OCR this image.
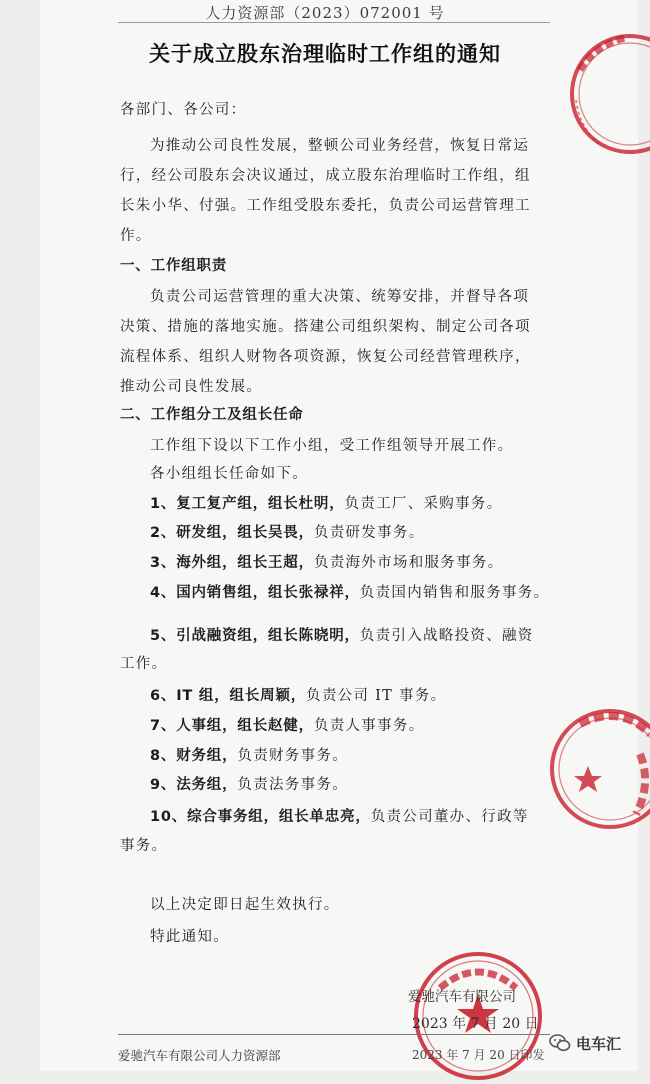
人力资源部（2023）072001 号
关于成立股东治理临时工作组的通知
各部门、各公司：
为推动公司良性发展，整顿公司业务经营，恢复日常运
行，经公司股东会决议通过，成立股东治理临时工作组，组
长朱小华、付强。工作组受股东委托，负责公司运营管理工
作。
一、工作组职责
负责公司运营管理的重大决策、统筹安排，并督导各项
决策、措施的落地实施。搭建公司组织架构、制定公司各项
流程体系、组织人财物各项资源，恢复公司经营管理秩序，
推动公司良性发展。
二、工作组分工及组长任命
工作组下设以下工作小组，受工作组领导开展工作。
各小组组长任命如下。
1、复工复产组，组长杜明，负责工厂、采购事务。
2、研发组，组长吴畏，负责研发事务。
3、海外组，组长王超，负责海外市场和服务事务。
4、国内销售组，组长张禄祥，负责国内销售和服务事务。
5、引战融资组，组长陈晓明，负责引入战略投资、融资
工作。
6、IT 组，组长周颖，负责公司 IT 事务。
7、人事组，组长赵健，负责人事事务。
8、财务组，负责财务事务。
9、法务组，负责法务事务。
10、综合事务组，组长单忠亮，负责公司董办、行政等
事务。
以上决定即日起生效执行。
特此通知。
爱驰汽车有限公司
2023 年 7 月 20 日
爱驰汽车有限公司人力资源部	2023 年 7 月 20 日印发
电车汇
